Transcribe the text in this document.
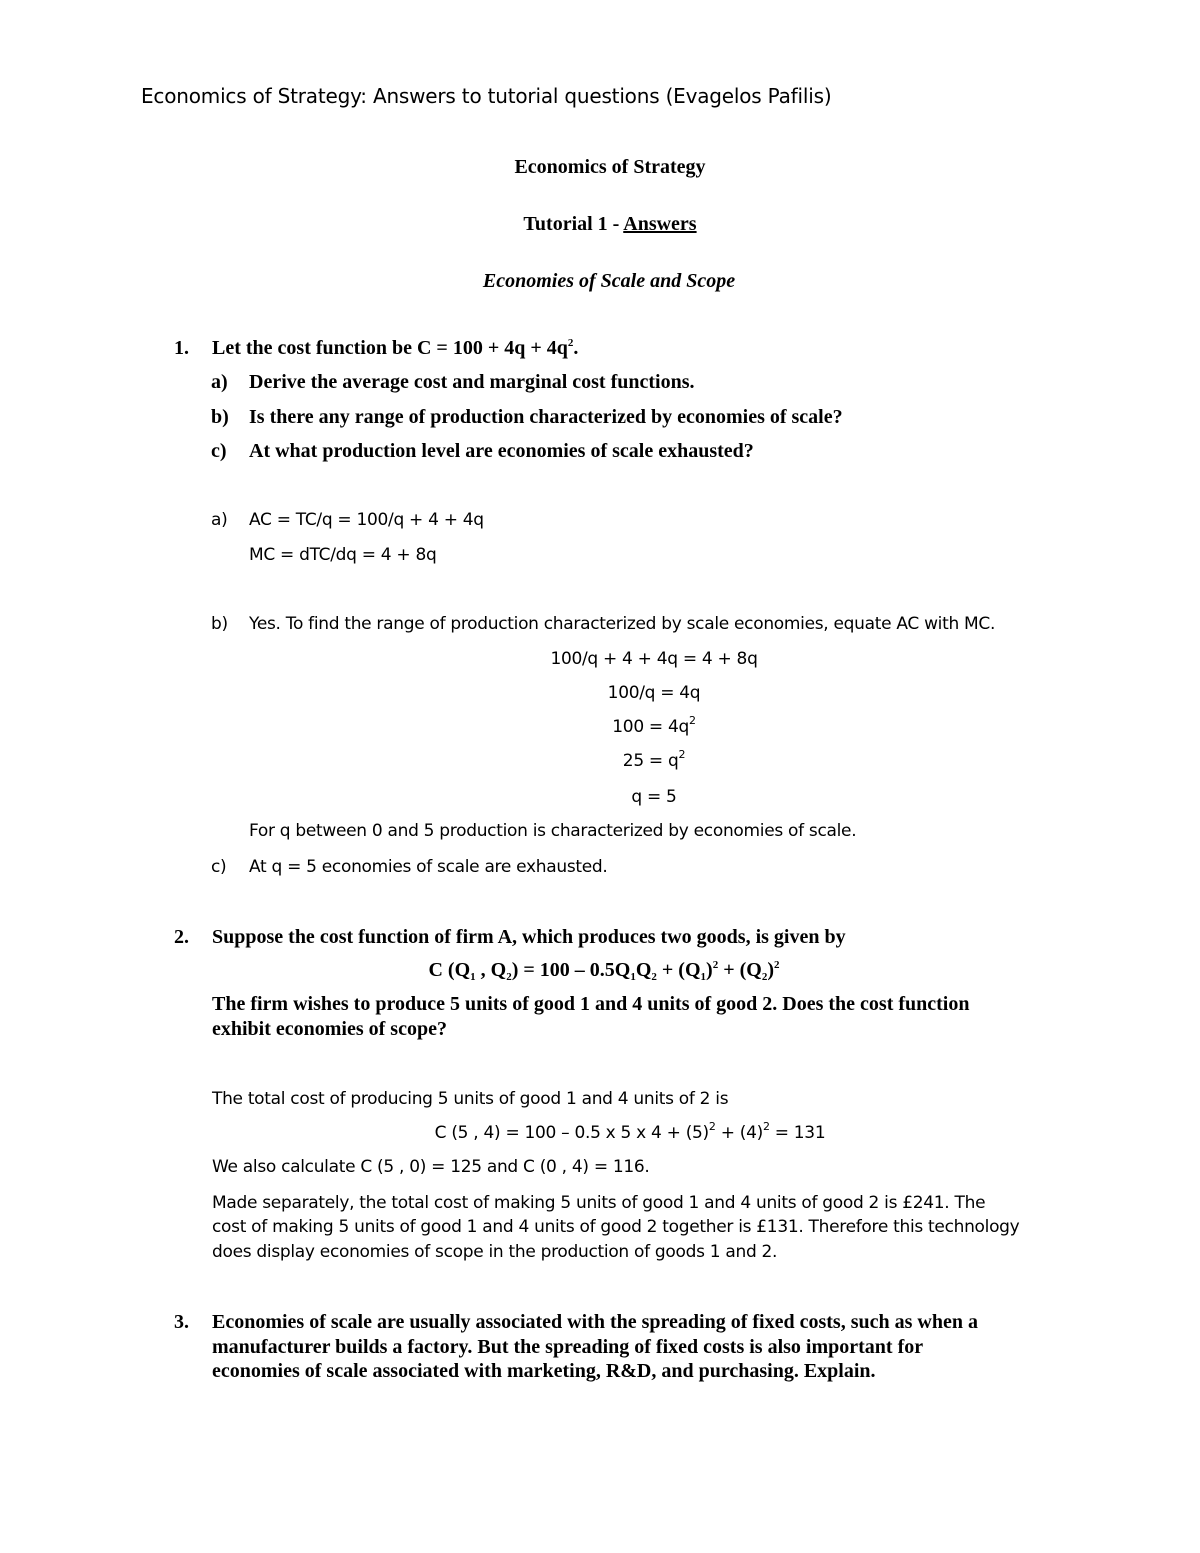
Economics of Strategy: Answers to tutorial questions (Evagelos Pafilis)
Economics of Strategy
Tutorial 1 - Answers
Economies of Scale and Scope
1. Let the cost function be $C = 100 + 4q + 4q^2$.
a) Derive the average cost and marginal cost functions.
b) Is there any range of production characterized by economies of scale?
c) At what production level are economies of scale exhausted?
a) AC = TC/q = 100/q + 4 + 4q
MC = dTC/dq = 4 + 8q
b) Yes. To find the range of production characterized by scale economies, equate AC with MC.
100/q + 4 + 4q = 4 + 8q
100/q = 4q
$100 = 4q^2$
$25 = q^2$
q = 5
For q between 0 and 5 production is characterized by economies of scale.
c) At q = 5 economies of scale are exhausted.
2. Suppose the cost function of firm A, which produces two goods, is given by
C ($Q_1$ , $Q_2) = 100 - 0.5Q_1Q_2 + (Q_1)^2 + (Q_2)^2$
The firm wishes to produce 5 units of good 1 and 4 units of good 2. Does the cost function
exhibit economies of scope?
The total cost of producing 5 units of good 1 and 4 units of 2 is
C (5 , 4) = 100 – 0.5 x 5 x $4 + (5)^2 + (4)^2 = 131$
We also calculate C (5 , 0) = 125 and C (0 , 4) = 116.
Made separately, the total cost of making 5 units of good 1 and 4 units of good 2 is £241. The
cost of making 5 units of good 1 and 4 units of good 2 together is £131. Therefore this technology
does display economies of scope in the production of goods 1 and 2.
3. Economies of scale are usually associated with the spreading of fixed costs, such as when a
manufacturer builds a factory. But the spreading of fixed costs is also important for
economies of scale associated with marketing, R&D, and purchasing. Explain.
